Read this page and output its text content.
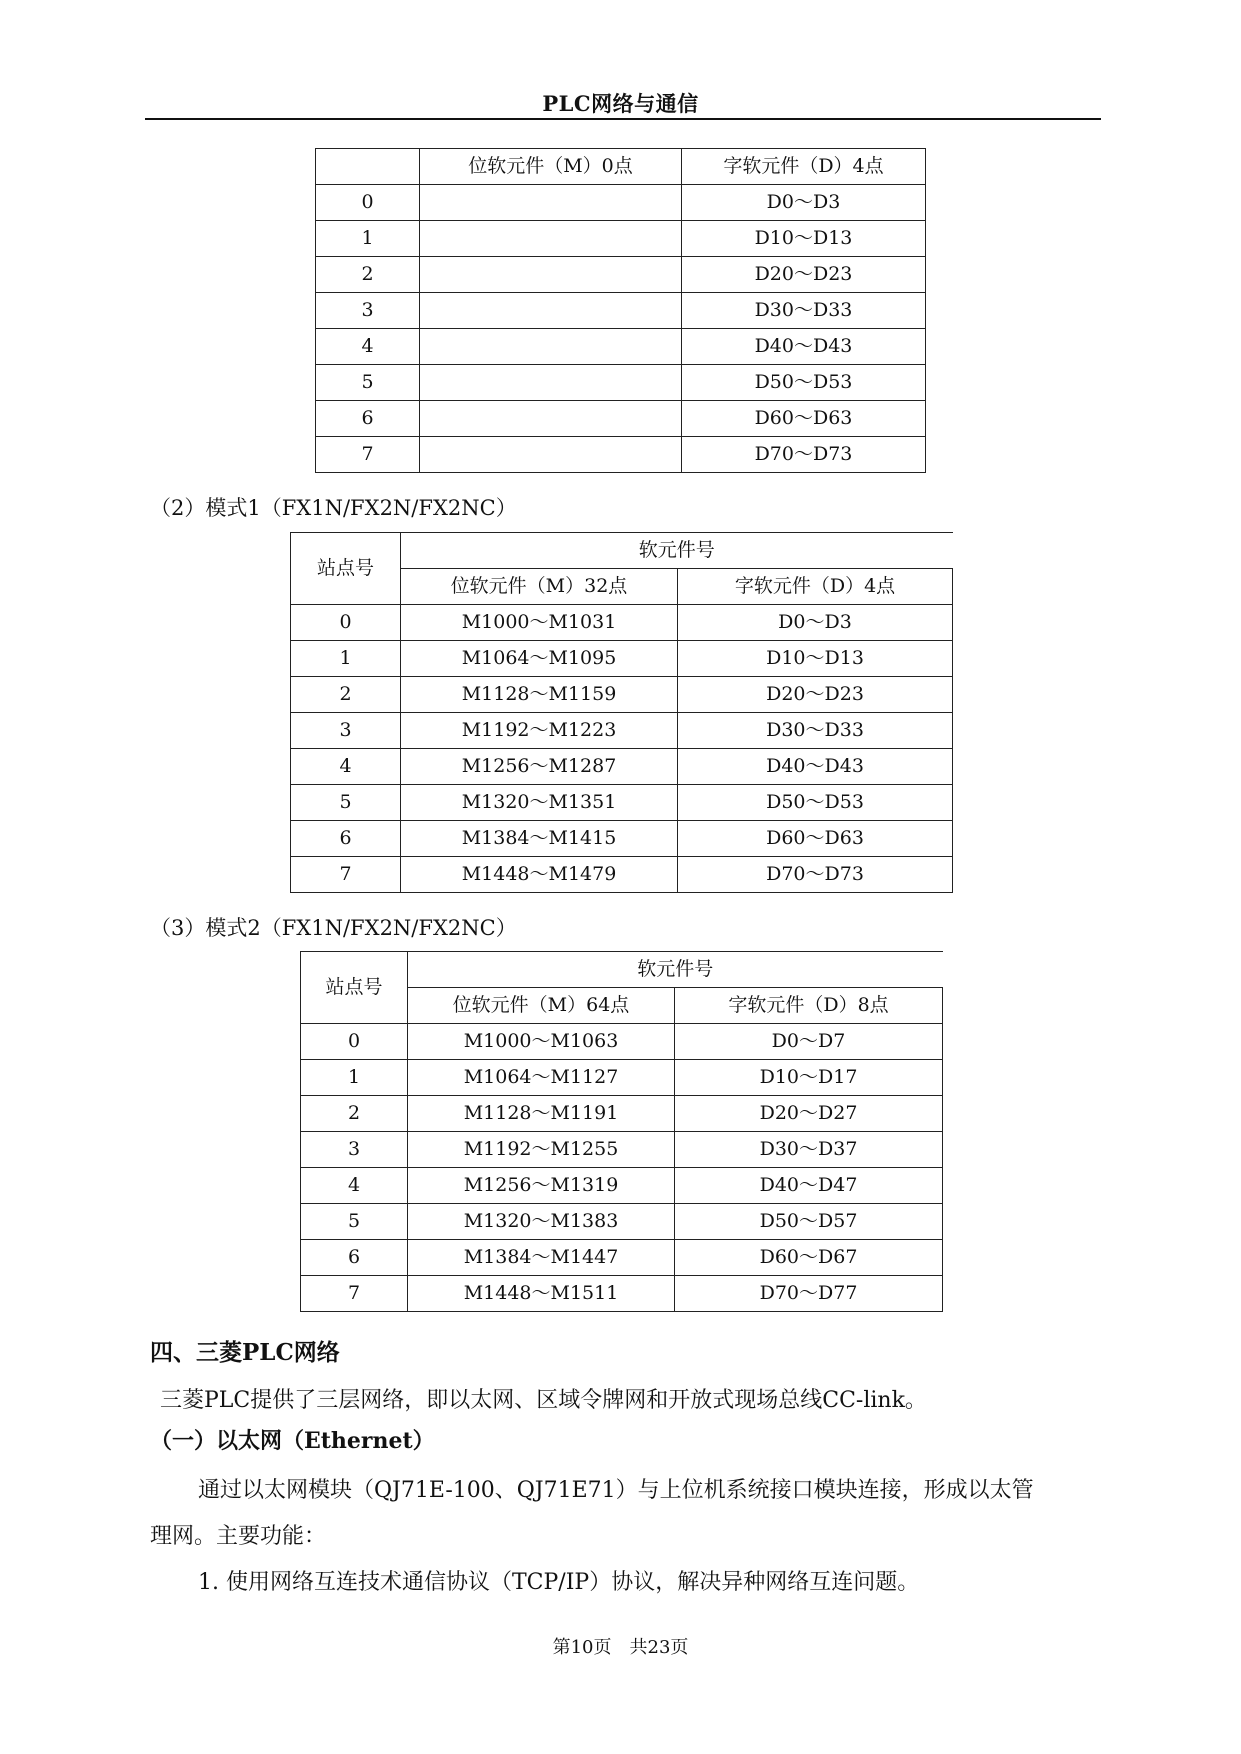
PLC网络与通信
	位软元件（M）0点	字软元件（D）4点
0		D0～D3
1		D10～D13
2		D20～D23
3		D30～D33
4		D40～D43
5		D50～D53
6		D60～D63
7		D70～D73
（2）模式1（FX1N/FX2N/FX2NC）
站点号	软元件号	
	位软元件（M）32点	字软元件（D）4点
0	M1000～M1031	D0～D3
1	M1064～M1095	D10～D13
2	M1128～M1159	D20～D23
3	M1192～M1223	D30～D33
4	M1256～M1287	D40～D43
5	M1320～M1351	D50～D53
6	M1384～M1415	D60～D63
7	M1448～M1479	D70～D73
（3）模式2（FX1N/FX2N/FX2NC）
站点号	软元件号	
	位软元件（M）64点	字软元件（D）8点
0	M1000～M1063	D0～D7
1	M1064～M1127	D10～D17
2	M1128～M1191	D20～D27
3	M1192～M1255	D30～D37
4	M1256～M1319	D40～D47
5	M1320～M1383	D50～D57
6	M1384～M1447	D60～D67
7	M1448～M1511	D70～D77
四、三菱PLC网络
三菱PLC提供了三层网络，即以太网、区域令牌网和开放式现场总线CC-link。
（一）以太网（Ethernet）
通过以太网模块（QJ71E-100、QJ71E71）与上位机系统接口模块连接，形成以太管
理网。主要功能：
1. 使用网络互连技术通信协议（TCP/IP）协议，解决异种网络互连问题。
第10页　共23页
